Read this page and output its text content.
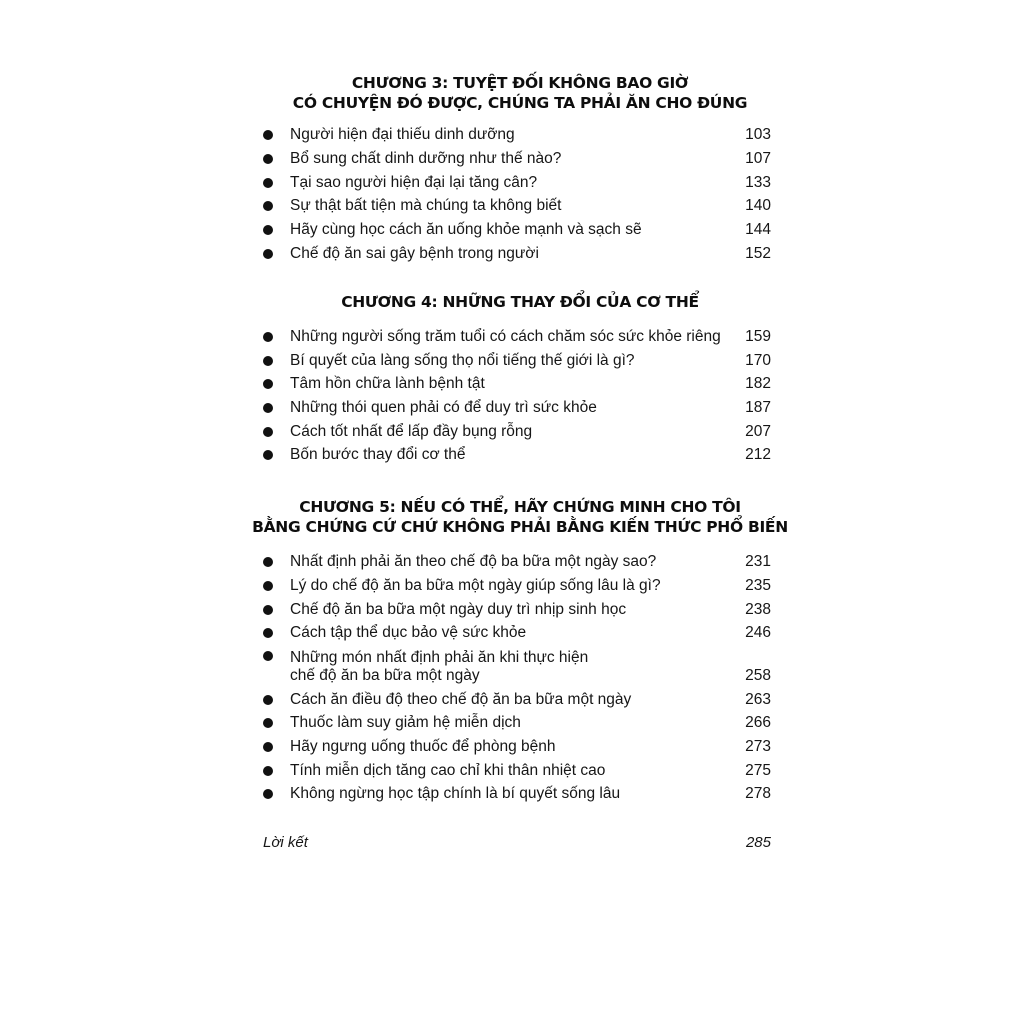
CHƯƠNG 3: TUYỆT ĐỐI KHÔNG BAO GIỜ
CÓ CHUYỆN ĐÓ ĐƯỢC, CHÚNG TA PHẢI ĂN CHO ĐÚNG
Người hiện đại thiếu dinh dưỡng	103
Bổ sung chất dinh dưỡng như thế nào?	107
Tại sao người hiện đại lại tăng cân?	133
Sự thật bất tiện mà chúng ta không biết	140
Hãy cùng học cách ăn uống khỏe mạnh và sạch sẽ	144
Chế độ ăn sai gây bệnh trong người	152
CHƯƠNG 4: NHỮNG THAY ĐỔI CỦA CƠ THỂ
Những người sống trăm tuổi có cách chăm sóc sức khỏe riêng 159
Bí quyết của làng sống thọ nổi tiếng thế giới là gì?	170
Tâm hồn chữa lành bệnh tật	182
Những thói quen phải có để duy trì sức khỏe	187
Cách tốt nhất để lấp đầy bụng rỗng	207
Bốn bước thay đổi cơ thể	212
CHƯƠNG 5: NẾU CÓ THỂ, HÃY CHỨNG MINH CHO TÔI
BẰNG CHỨNG CỨ CHỨ KHÔNG PHẢI BẰNG KIẾN THỨC PHỔ BIẾN
Nhất định phải ăn theo chế độ ba bữa một ngày sao?	231
Lý do chế độ ăn ba bữa một ngày giúp sống lâu là gì?	235
Chế độ ăn ba bữa một ngày duy trì nhịp sinh học	238
Cách tập thể dục bảo vệ sức khỏe	246
Những món nhất định phải ăn khi thực hiện
chế độ ăn ba bữa một ngày	258
Cách ăn điều độ theo chế độ ăn ba bữa một ngày	263
Thuốc làm suy giảm hệ miễn dịch	266
Hãy ngưng uống thuốc để phòng bệnh	273
Tính miễn dịch tăng cao chỉ khi thân nhiệt cao	275
Không ngừng học tập chính là bí quyết sống lâu	278
Lời kết	285
